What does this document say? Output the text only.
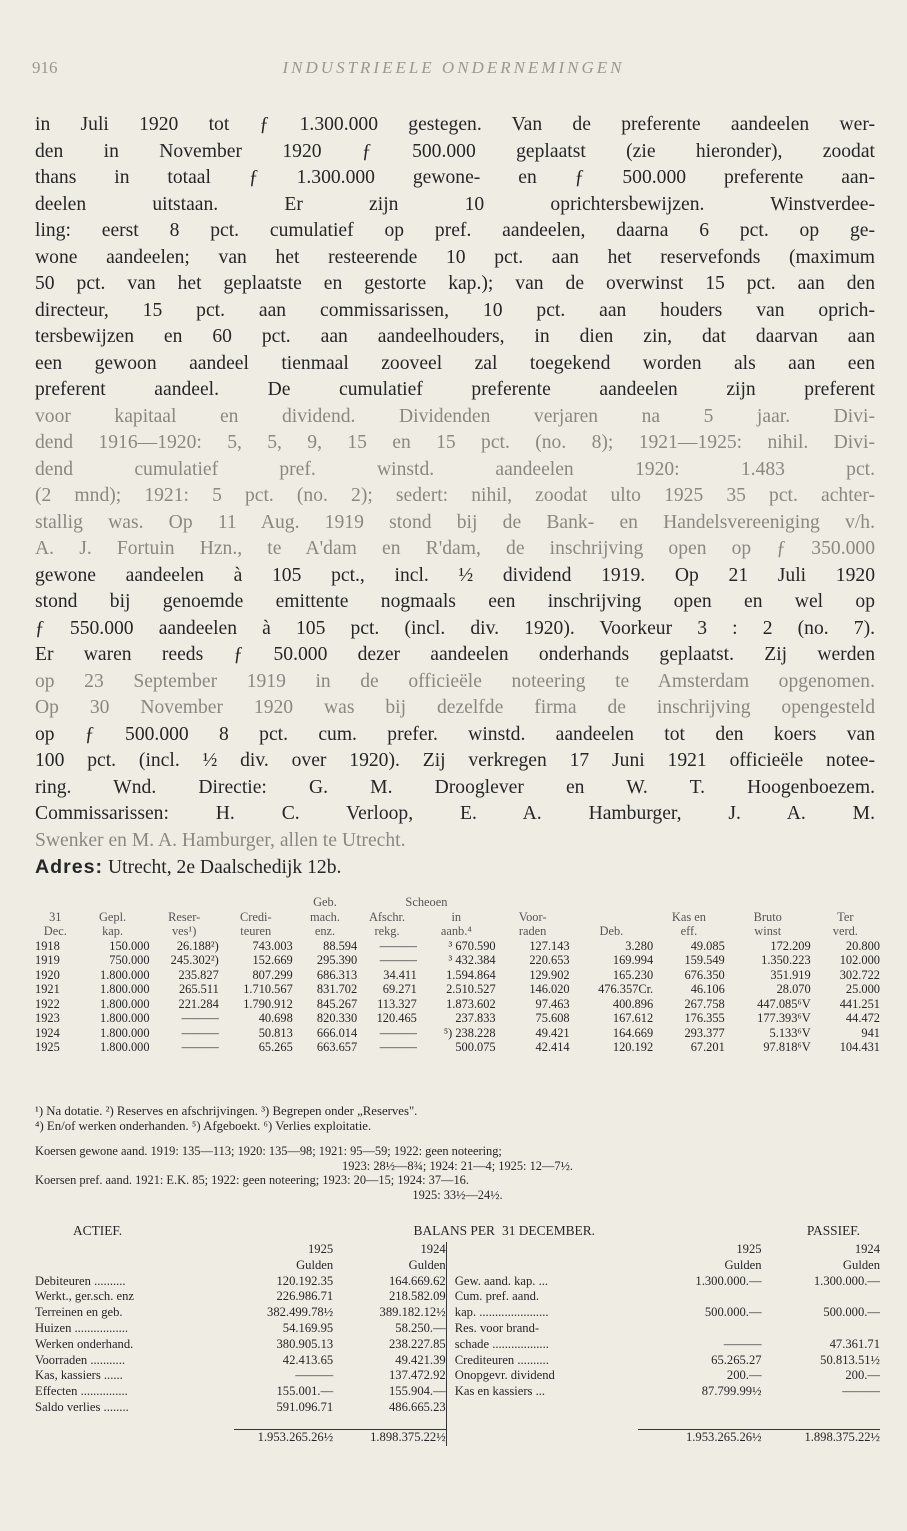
916	INDUSTRIEELE ONDERNEMINGEN
in Juli 1920 tot ƒ 1.300.000 gestegen. Van de preferente aandeelen wer-
den in November 1920 ƒ 500.000 geplaatst (zie hieronder), zoodat
thans in totaal ƒ 1.300.000 gewone- en ƒ 500.000 preferente aan-
deelen uitstaan. Er zijn 10 oprichtersbewijzen. Winstverdee-
ling: eerst 8 pct. cumulatief op pref. aandeelen, daarna 6 pct. op ge-
wone aandeelen; van het resteerende 10 pct. aan het reservefonds (maximum
50 pct. van het geplaatste en gestorte kap.); van de overwinst 15 pct. aan den
directeur, 15 pct. aan commissarissen, 10 pct. aan houders van oprich-
tersbewijzen en 60 pct. aan aandeelhouders, in dien zin, dat daarvan aan
een gewoon aandeel tienmaal zooveel zal toegekend worden als aan een
preferent aandeel. De cumulatief preferente aandeelen zijn preferent
voor kapitaal en dividend. Dividenden verjaren na 5 jaar. Divi-
dend 1916—1920: 5, 5, 9, 15 en 15 pct. (no. 8); 1921—1925: nihil. Divi-
dend cumulatief pref. winstd. aandeelen 1920: 1.483 pct.
(2 mnd); 1921: 5 pct. (no. 2); sedert: nihil, zoodat ulto 1925 35 pct. achter-
stallig was. Op 11 Aug. 1919 stond bij de Bank- en Handelsvereeniging v/h.
A. J. Fortuin Hzn., te A'dam en R'dam, de inschrijving open op ƒ 350.000
gewone aandeelen à 105 pct., incl. ½ dividend 1919. Op 21 Juli 1920
stond bij genoemde emittente nogmaals een inschrijving open en wel op
ƒ 550.000 aandeelen à 105 pct. (incl. div. 1920). Voorkeur 3 : 2 (no. 7).
Er waren reeds ƒ 50.000 dezer aandeelen onderhands geplaatst. Zij werden
op 23 September 1919 in de officieële noteering te Amsterdam opgenomen.
Op 30 November 1920 was bij dezelfde firma de inschrijving opengesteld
op ƒ 500.000 8 pct. cum. prefer. winstd. aandeelen tot den koers van
100 pct. (incl. ½ div. over 1920). Zij verkregen 17 Juni 1921 officieële notee-
ring. Wnd. Directie: G. M. Drooglever en W. T. Hoogenboezem.
Commissarissen: H. C. Verloop, E. A. Hamburger, J. A. M.
Swenker en M. A. Hamburger, allen te Utrecht.
Adres: Utrecht, 2e Daalschedijk 12b.
				Geb.	Scheoen						
31	Gepl.	Reser-	Credi-	mach.	Afschr.	in	Voor-		Kas en	Bruto	Ter
Dec.	kap.	ves¹)	teuren	enz.	rekg.	aanb.⁴	raden	Deb.	eff.	winst	verd.
1918	150.000	26.188²)	743.003	88.594	———	³ 670.590	127.143	3.280	49.085	172.209	20.800
1919	750.000	245.302²)	152.669	295.390	———	³ 432.384	220.653	169.994	159.549	1.350.223	102.000
1920	1.800.000	235.827	807.299	686.313	34.411	1.594.864	129.902	165.230	676.350	351.919	302.722
1921	1.800.000	265.511	1.710.567	831.702	69.271	2.510.527	146.020	476.357Cr.	46.106	28.070	25.000
1922	1.800.000	221.284	1.790.912	845.267	113.327	1.873.602	97.463	400.896	267.758	447.085⁶V	441.251
1923	1.800.000	———	40.698	820.330	120.465	237.833	75.608	167.612	176.355	177.393⁶V	44.472
1924	1.800.000	———	50.813	666.014	———	⁵) 238.228	49.421	164.669	293.377	5.133⁶V	941
1925	1.800.000	———	65.265	663.657	———	500.075	42.414	120.192	67.201	97.818⁶V	104.431
¹) Na dotatie. ²) Reserves en afschrijvingen. ³) Begrepen onder „Reserves".
⁴) En/of werken onderhanden. ⁵) Afgeboekt. ⁶) Verlies exploitatie.
Koersen gewone aand. 1919: 135—113; 1920: 135—98; 1921: 95—59; 1922: geen noteering;
1923: 28½—8¾; 1924: 21—4; 1925: 12—7½.
Koersen pref. aand. 1921: E.K. 85; 1922: geen noteering; 1923: 20—15; 1924: 37—16.
1925: 33½—24½.
ACTIEF.	BALANS PER	31 DECEMBER.	PASSIEF.
	1925	1924			1925	1924
	Gulden	Gulden			Gulden	Gulden
Debiteuren ..........	120.192.35	164.669.62		Gew. aand. kap. ...	1.300.000.—	1.300.000.—
Werkt., ger.sch. enz	226.986.71	218.582.09		Cum. pref. aand.		
Terreinen en geb.	382.499.78½	389.182.12½		kap. ......................	500.000.—	500.000.—
Huizen .................	54.169.95	58.250.—		Res. voor brand-		
Werken onderhand.	380.905.13	238.227.85		schade ..................	———	47.361.71
Voorraden ...........	42.413.65	49.421.39		Crediteuren ..........	65.265.27	50.813.51½
Kas, kassiers ......	———	137.472.92		Onopgevr. dividend	200.—	200.—
Effecten ...............	155.001.—	155.904.—		Kas en kassiers ...	87.799.99½	———
Saldo verlies ........	591.096.71	486.665.23				

	1.953.265.26½	1.898.375.22½			1.953.265.26½	1.898.375.22½
